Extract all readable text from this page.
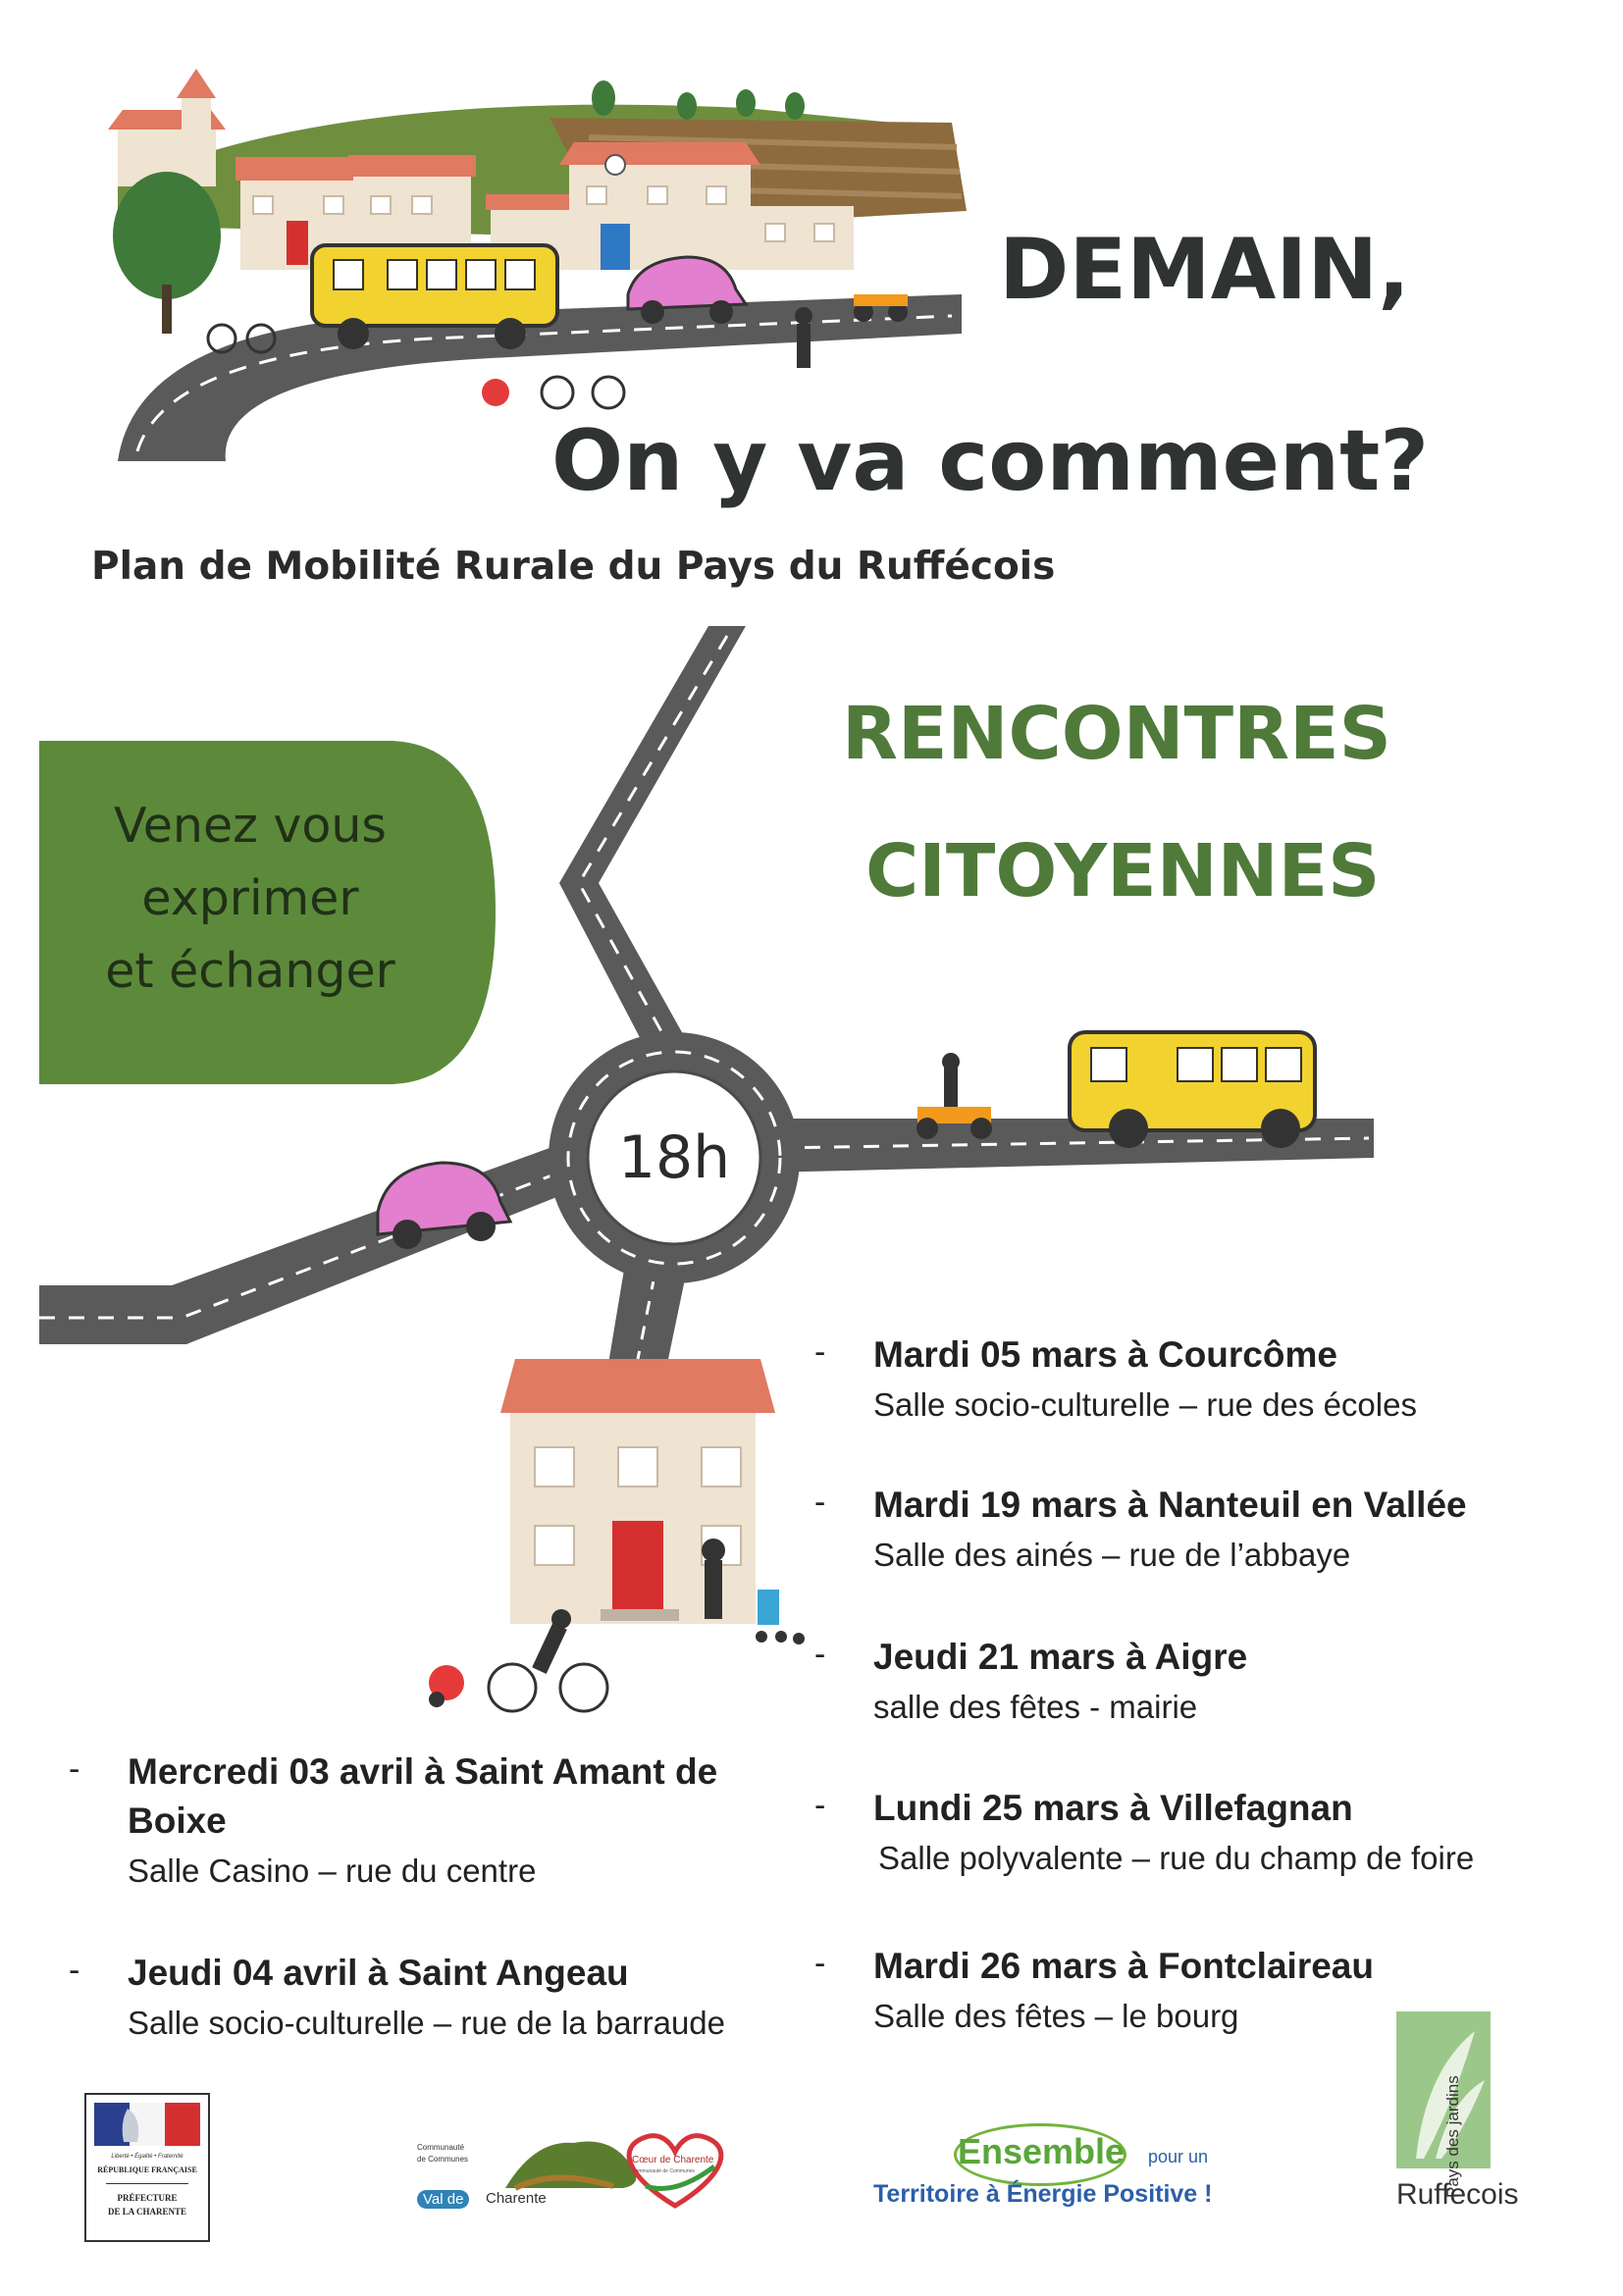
DEMAIN,
On y va comment?
Plan de Mobilité Rurale du Pays du Ruffécois
RENCONTRES
CITOYENNES
Venez vous
exprimer
et échanger
18h
- Mardi 05 mars à Courcôme
Salle socio-culturelle – rue des écoles
- Mardi 19 mars à Nanteuil en Vallée
Salle des ainés – rue de l’abbaye
- Jeudi 21 mars à Aigre
salle des fêtes - mairie
- Lundi 25 mars à Villefagnan
Salle polyvalente – rue du champ de foire
- Mardi 26 mars à Fontclaireau
Salle des fêtes – le bourg
- Mercredi 03 avril à Saint Amant de
Boixe
Salle Casino – rue du centre
- Jeudi 04 avril à Saint Angeau
Salle socio-culturelle – rue de la barraude
Liberté • Égalité • Fraternité
RÉPUBLIQUE FRANÇAISE
PRÉFECTURE
DE LA CHARENTE
Communauté
de Communes
Val de	Charente
Cœur de Charente
Communauté de Communes	Ensemble pour un
Territoire à Énergie Positive !	Ruffecois
Pays des jardins
